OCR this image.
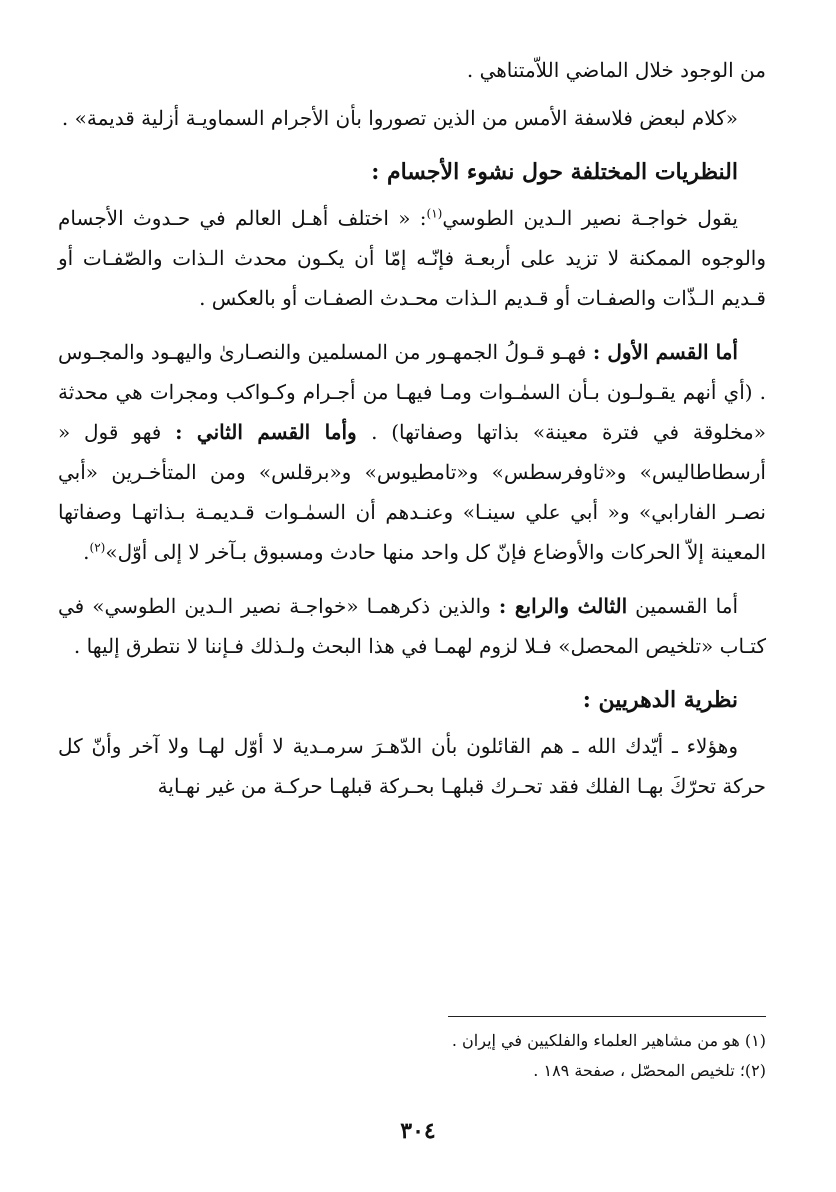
من الوجود خلال الماضي اللاّمتناهي .

«كلام لبعض فلاسفة الأمس من الذين تصوروا بأن الأجرام السماويـة أزلية قديمة» .

النظريات المختلفة حول نشوء الأجسام :

يقول خواجـة نصير الـدين الطوسي$^{(١)}$: « اختلف أهـل العالم في حـدوث الأجسام والوجوه الممكنة لا تزيد على أربعـة فإنّـه إمّا أن يكـون محدث الـذات والصّفـات أو قـديم الـذّات والصفـات أو قـديم الـذات محـدث الصفـات أو بالعكس .

أما القسم الأول : فهـو قـولُ الجمهـور من المسلمين والنصـارىٰ واليهـود والمجـوس . (أي أنهم يقـولـون بـأن السمٰـوات ومـا فيهـا من أجـرام وكـواكب ومجرات هي محدثة «مخلوقة في فترة معينة» بذاتها وصفاتها) . وأما القسم الثاني : فهو قول « أرسطاطاليس» و«ثاوفرسطس» و«تامطيوس» و«برقلس» ومن المتأخـرين «أبي نصـر الفارابي» و« أبي علي سينـا» وعنـدهم أن السمٰـوات قـديمـة بـذاتهـا وصفاتها المعينة إلاّ الحركات والأوضاع فإنّ كل واحد منها حادث ومسبوق بـآخر لا إلى أوّل»$^{(٢)}$.

أما القسمين الثالث والرابع : والذين ذكرهمـا «خواجـة نصير الـدين الطوسي» في كتـاب «تلخيص المحصل» فـلا لزوم لهمـا في هذا البحث ولـذلك فـإننا لا نتطرق إليها .

نظرية الدهريين :

وهؤلاء ـ أيّدك الله ـ هم القائلون بأن الدّهـرَ سرمـدية لا أوّل لهـا ولا آخر وأنّ كل حركة تحرّكَ بهـا الفلك فقد تحـرك قبلهـا بحـركة قبلهـا حركـة من غير نهـاية

(١) هو من مشاهير العلماء والفلكيين في إيران .

(٢)؛ تلخيص المحصّل ، صفحة ١٨٩ .

٣٠٤
